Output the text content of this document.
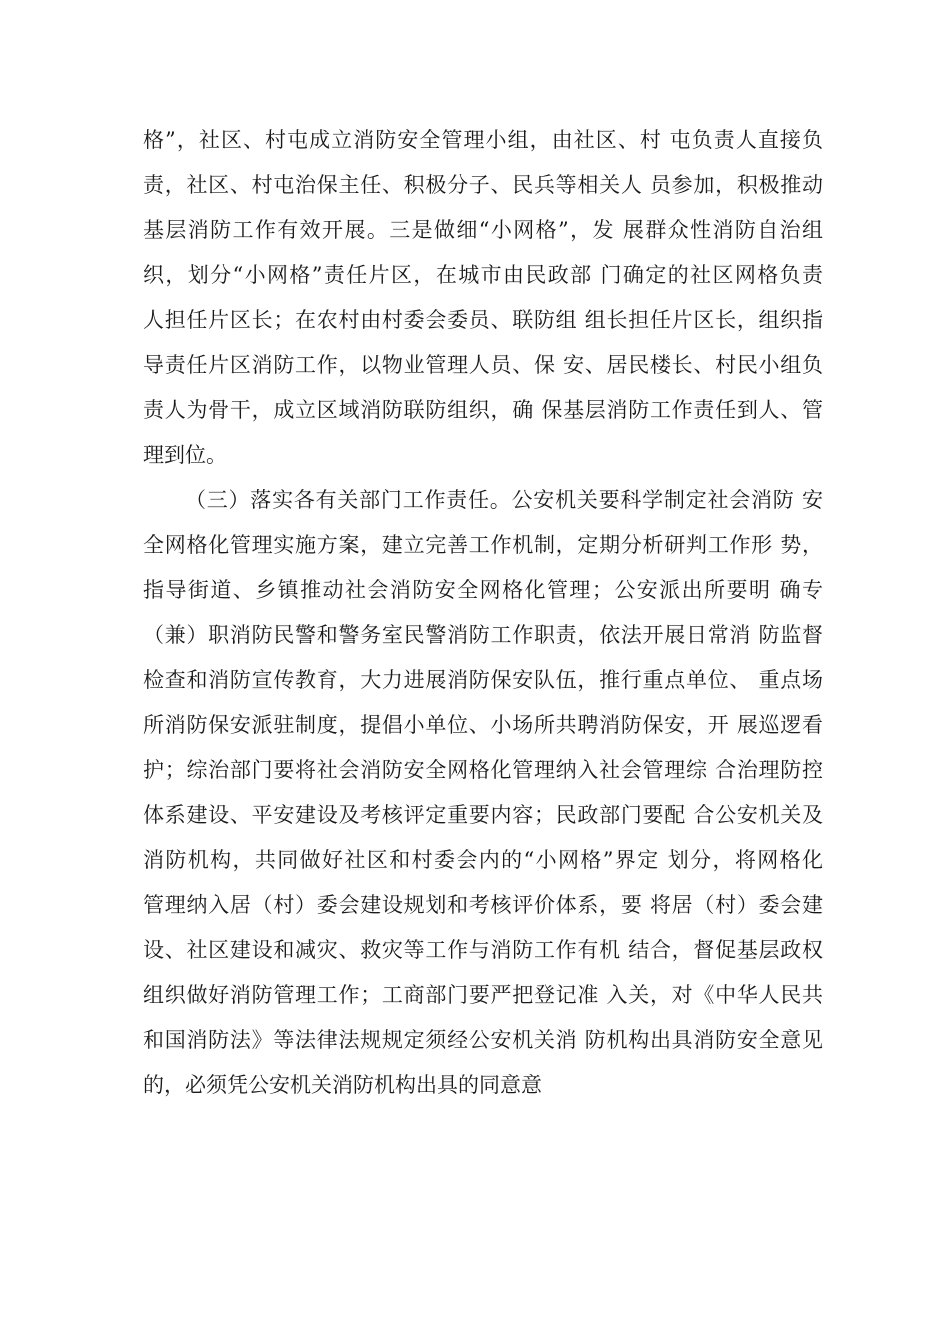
格”，社区、村屯成立消防安全管理小组，由社区、村 屯负责人直接负
责，社区、村屯治保主任、积极分子、民兵等相关人 员参加，积极推动
基层消防工作有效开展。三是做细“小网格”，发 展群众性消防自治组
织，划分“小网格”责任片区，在城市由民政部 门确定的社区网格负责
人担任片区长；在农村由村委会委员、联防组 组长担任片区长，组织指
导责任片区消防工作，以物业管理人员、保 安、居民楼长、村民小组负
责人为骨干，成立区域消防联防组织，确 保基层消防工作责任到人、管
理到位。
（三）落实各有关部门工作责任。公安机关要科学制定社会消防 安
全网格化管理实施方案，建立完善工作机制，定期分析研判工作形 势，
指导街道、乡镇推动社会消防安全网格化管理；公安派出所要明 确专
（兼）职消防民警和警务室民警消防工作职责，依法开展日常消 防监督
检查和消防宣传教育，大力进展消防保安队伍，推行重点单位、 重点场
所消防保安派驻制度，提倡小单位、小场所共聘消防保安，开 展巡逻看
护；综治部门要将社会消防安全网格化管理纳入社会管理综 合治理防控
体系建设、平安建设及考核评定重要内容；民政部门要配 合公安机关及
消防机构，共同做好社区和村委会内的“小网格”界定 划分，将网格化
管理纳入居（村）委会建设规划和考核评价体系，要 将居（村）委会建
设、社区建设和减灾、救灾等工作与消防工作有机 结合，督促基层政权
组织做好消防管理工作；工商部门要严把登记准 入关，对《中华人民共
和国消防法》等法律法规规定须经公安机关消 防机构出具消防安全意见
的，必须凭公安机关消防机构出具的同意意
